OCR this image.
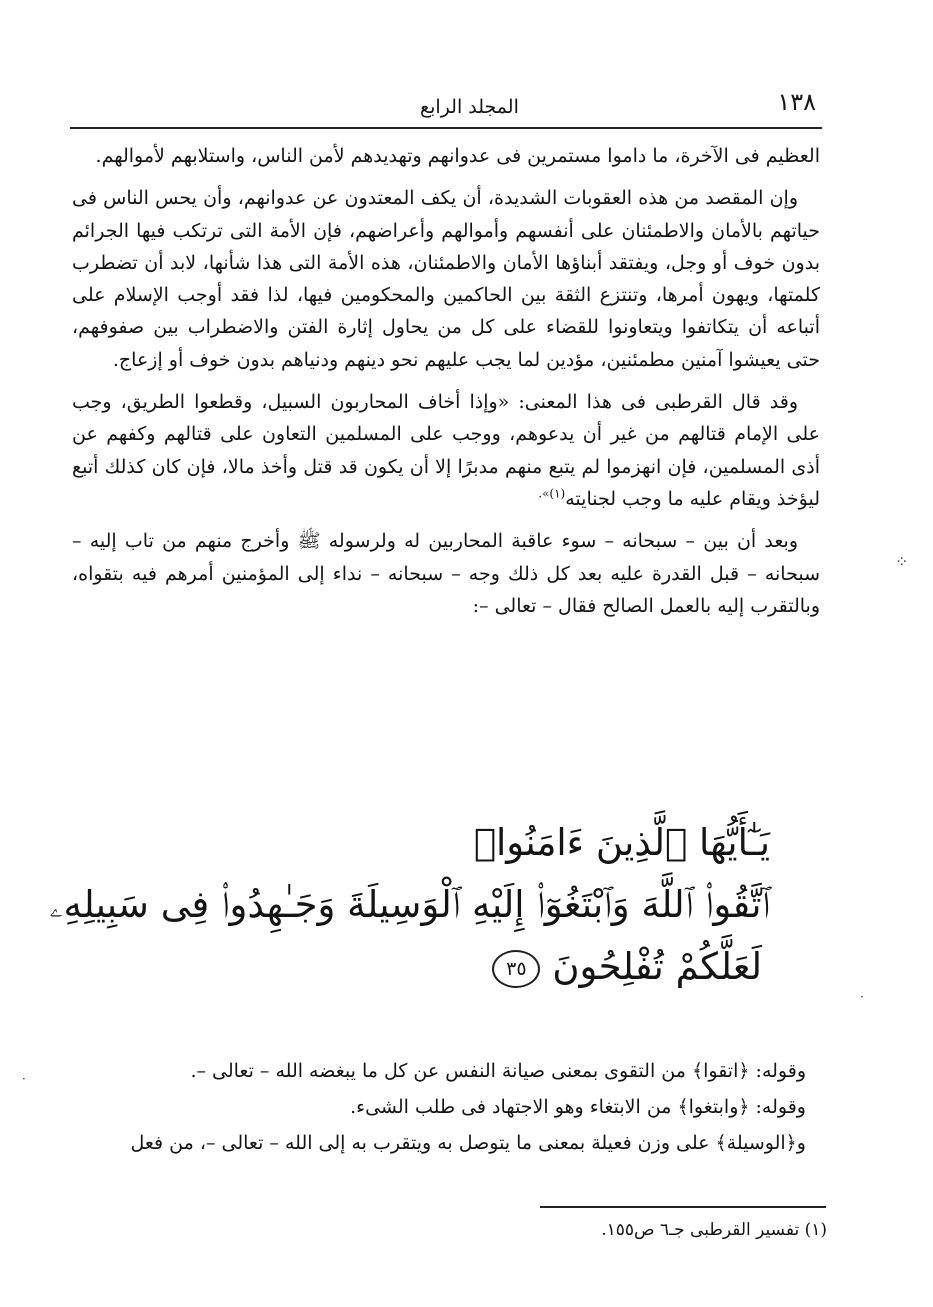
١٣٨
المجلد الرابع

العظيم فى الآخرة، ما داموا مستمرين فى عدوانهم وتهديدهم لأمن الناس، واستلابهم لأموالهم.

وإن المقصد من هذه العقوبات الشديدة، أن يكف المعتدون عن عدوانهم، وأن يحس الناس فى حياتهم بالأمان والاطمئنان على أنفسهم وأموالهم وأعراضهم، فإن الأمة التى ترتكب فيها الجرائم بدون خوف أو وجل، ويفتقد أبناؤها الأمان والاطمئنان، هذه الأمة التى هذا شأنها، لابد أن تضطرب كلمتها، ويهون أمرها، وتنتزع الثقة بين الحاكمين والمحكومين فيها، لذا فقد أوجب الإسلام على أتباعه أن يتكاتفوا ويتعاونوا للقضاء على كل من يحاول إثارة الفتن والاضطراب بين صفوفهم، حتى يعيشوا آمنين مطمئنين، مؤدين لما يجب عليهم نحو دينهم ودنياهم بدون خوف أو إزعاج.

وقد قال القرطبى فى هذا المعنى: «وإذا أخاف المحاربون السبيل، وقطعوا الطريق، وجب على الإمام قتالهم من غير أن يدعوهم، ووجب على المسلمين التعاون على قتالهم وكفهم عن أذى المسلمين، فإن انهزموا لم يتبع منهم مدبرًا إلا أن يكون قد قتل وأخذ مالا، فإن كان كذلك أتبع ليؤخذ ويقام عليه ما وجب لجنايته$^{(١)».}$

وبعد أن بين – سبحانه – سوء عاقبة المحاربين له ولرسوله ﷺ وأخرج منهم من تاب إليه – سبحانه – قبل القدرة عليه بعد كل ذلك وجه – سبحانه – نداء إلى المؤمنين أمرهم فيه بتقواه، وبالتقرب إليه بالعمل الصالح فقال – تعالى –:

يَـٰٓأَيُّهَا ٱلَّذِينَ ءَامَنُوا۟
ٱتَّقُوا۟ ٱللَّهَ وَٱبْتَغُوٓا۟ إِلَيْهِ ٱلْوَسِيلَةَ وَجَـٰهِدُوا۟ فِى سَبِيلِهِۦ
لَعَلَّكُمْ تُفْلِحُونَ٣٥

وقوله: ﴿اتقوا﴾ من التقوى بمعنى صيانة النفس عن كل ما يبغضه الله – تعالى –.

وقوله: ﴿وابتغوا﴾ من الابتغاء وهو الاجتهاد فى طلب الشىء.

و﴿الوسيلة﴾ على وزن فعيلة بمعنى ما يتوصل به ويتقرب به إلى الله – تعالى –، من فعل

(١) تفسير القرطبى جـ٦ ص١٥٥.
⁘
·
·
